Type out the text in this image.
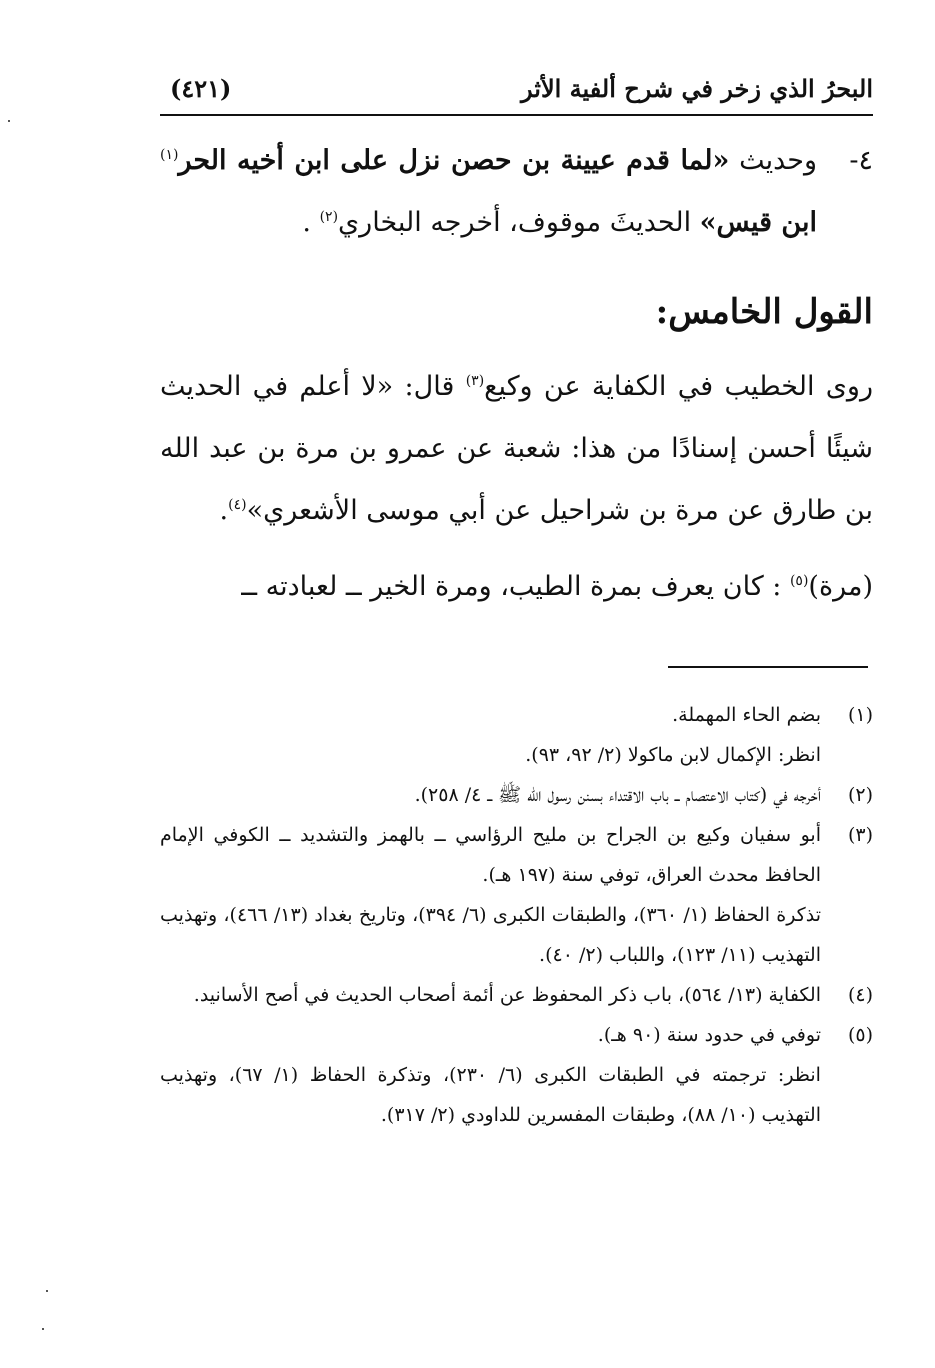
البحرُ الذي زخر في شرح ألفية الأثر
(٤٢١)
٤-
وحديث «لما قدم عيينة بن حصن نزل على ابن أخيه الحر$^{(١)}$ ابن قيس» الحديثَ موقوف، أخرجه البخاري$^{(٢)}$ .
القول الخامس:

روى الخطيب في الكفاية عن وكيع$^{(٣)}$ قال: «لا أعلم في الحديث شيئًا أحسن إسنادًا من هذا: شعبة عن عمرو بن مرة بن عبد الله بن طارق عن مرة بن شراحيل عن أبي موسى الأشعري»$^{(٤)}$.

(مرة)$^{(٥)}$ : كان يعرف بمرة الطيب، ومرة الخير ــ لعبادته ــ

(١)

بضم الحاء المهملة.

انظر: الإكمال لابن ماكولا (٢/ ٩٢، ٩٣).

(٢)

أخرجه في (كتاب الاعتصام ــ باب الاقتداء بسنن رسول الله ﷺ ــ ٤/ ٢٥٨).

(٣)

أبو سفيان وكيع بن الجراح بن مليح الرؤاسي ــ بالهمز والتشديد ــ الكوفي الإمام الحافظ محدث العراق، توفي سنة (١٩٧ هـ).

تذكرة الحفاظ (١/ ٣٦٠)، والطبقات الكبرى (٦/ ٣٩٤)، وتاريخ بغداد (١٣/ ٤٦٦)، وتهذيب التهذيب (١١/ ١٢٣)، واللباب (٢/ ٤٠).

(٤)

الكفاية (١٣/ ٥٦٤)، باب ذكر المحفوظ عن أئمة أصحاب الحديث في أصح الأسانيد.

(٥)

توفي في حدود سنة (٩٠ هـ).

انظر: ترجمته في الطبقات الكبرى (٦/ ٢٣٠)، وتذكرة الحفاظ (١/ ٦٧)، وتهذيب التهذيب (١٠/ ٨٨)، وطبقات المفسرين للداودي (٢/ ٣١٧).
